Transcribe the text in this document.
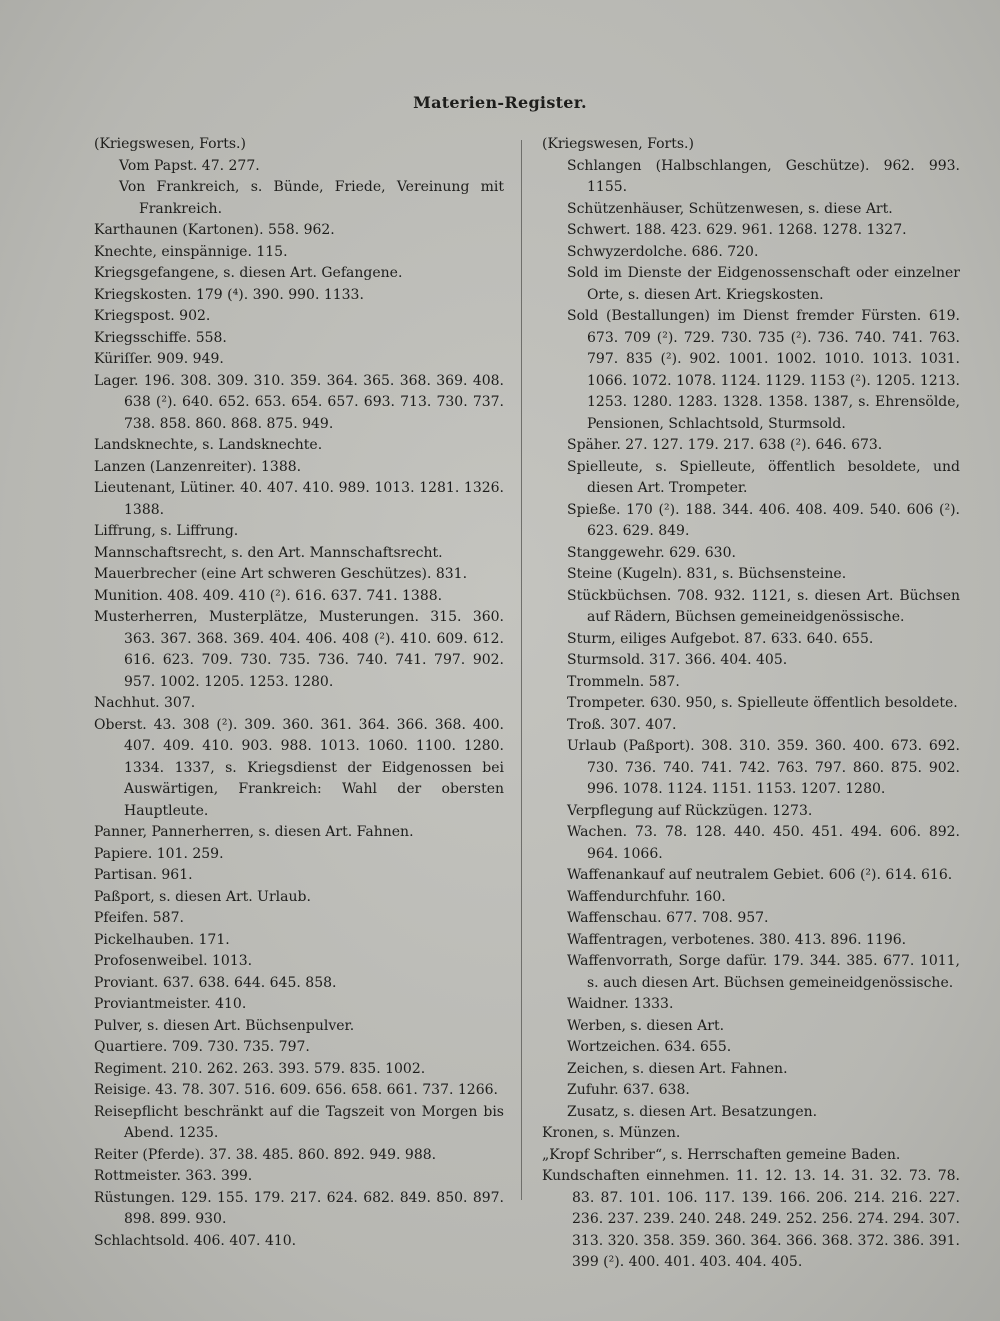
Materien-Register.
(Kriegswesen, Forts.)
Vom Papst. 47. 277.
Von Frankreich, s. Bünde, Friede, Vereinung mit Frankreich.
Karthaunen (Kartonen). 558. 962.
Knechte, einspännige. 115.
Kriegsgefangene, s. diesen Art. Gefangene.
Kriegskosten. 179 (⁴). 390. 990. 1133.
Kriegspost. 902.
Kriegsschiffe. 558.
Küriſſer. 909. 949.
Lager. 196. 308. 309. 310. 359. 364. 365. 368. 369. 408. 638 (²). 640. 652. 653. 654. 657. 693. 713. 730. 737. 738. 858. 860. 868. 875. 949.
Landsknechte, s. Landsknechte.
Lanzen (Lanzenreiter). 1388.
Lieutenant, Lütiner. 40. 407. 410. 989. 1013. 1281. 1326. 1388.
Liffrung, s. Liffrung.
Mannschaftsrecht, s. den Art. Mannschaftsrecht.
Mauerbrecher (eine Art schweren Geschützes). 831.
Munition. 408. 409. 410 (²). 616. 637. 741. 1388.
Musterherren, Musterplätze, Musterungen. 315. 360. 363. 367. 368. 369. 404. 406. 408 (²). 410. 609. 612. 616. 623. 709. 730. 735. 736. 740. 741. 797. 902. 957. 1002. 1205. 1253. 1280.
Nachhut. 307.
Oberst. 43. 308 (²). 309. 360. 361. 364. 366. 368. 400. 407. 409. 410. 903. 988. 1013. 1060. 1100. 1280. 1334. 1337, s. Kriegsdienst der Eidgenossen bei Auswärtigen, Frankreich: Wahl der obersten Hauptleute.
Panner, Pannerherren, s. diesen Art. Fahnen.
Papiere. 101. 259.
Partisan. 961.
Paßport, s. diesen Art. Urlaub.
Pfeifen. 587.
Pickelhauben. 171.
Profosenweibel. 1013.
Proviant. 637. 638. 644. 645. 858.
Proviantmeister. 410.
Pulver, s. diesen Art. Büchsenpulver.
Quartiere. 709. 730. 735. 797.
Regiment. 210. 262. 263. 393. 579. 835. 1002.
Reisige. 43. 78. 307. 516. 609. 656. 658. 661. 737. 1266.
Reisepflicht beschränkt auf die Tagszeit von Morgen bis Abend. 1235.
Reiter (Pferde). 37. 38. 485. 860. 892. 949. 988.
Rottmeister. 363. 399.
Rüstungen. 129. 155. 179. 217. 624. 682. 849. 850. 897. 898. 899. 930.
Schlachtsold. 406. 407. 410.
(Kriegswesen, Forts.)
Schlangen (Halbschlangen, Geschütze). 962. 993. 1155.
Schützenhäuser, Schützenwesen, s. diese Art.
Schwert. 188. 423. 629. 961. 1268. 1278. 1327.
Schwyzerdolche. 686. 720.
Sold im Dienste der Eidgenossenschaft oder einzelner Orte, s. diesen Art. Kriegskosten.
Sold (Bestallungen) im Dienst fremder Fürsten. 619. 673. 709 (²). 729. 730. 735 (²). 736. 740. 741. 763. 797. 835 (²). 902. 1001. 1002. 1010. 1013. 1031. 1066. 1072. 1078. 1124. 1129. 1153 (²). 1205. 1213. 1253. 1280. 1283. 1328. 1358. 1387, s. Ehrensölde, Pensionen, Schlachtsold, Sturmsold.
Späher. 27. 127. 179. 217. 638 (²). 646. 673.
Spielleute, s. Spielleute, öffentlich besoldete, und diesen Art. Trompeter.
Spieße. 170 (²). 188. 344. 406. 408. 409. 540. 606 (²). 623. 629. 849.
Stanggewehr. 629. 630.
Steine (Kugeln). 831, s. Büchsensteine.
Stückbüchsen. 708. 932. 1121, s. diesen Art. Büchsen auf Rädern, Büchsen gemeineidgenössische.
Sturm, eiliges Aufgebot. 87. 633. 640. 655.
Sturmsold. 317. 366. 404. 405.
Trommeln. 587.
Trompeter. 630. 950, s. Spielleute öffentlich besoldete.
Troß. 307. 407.
Urlaub (Paßport). 308. 310. 359. 360. 400. 673. 692. 730. 736. 740. 741. 742. 763. 797. 860. 875. 902. 996. 1078. 1124. 1151. 1153. 1207. 1280.
Verpflegung auf Rückzügen. 1273.
Wachen. 73. 78. 128. 440. 450. 451. 494. 606. 892. 964. 1066.
Waffenankauf auf neutralem Gebiet. 606 (²). 614. 616.
Waffendurchfuhr. 160.
Waffenschau. 677. 708. 957.
Waffentragen, verbotenes. 380. 413. 896. 1196.
Waffenvorrath, Sorge dafür. 179. 344. 385. 677. 1011, s. auch diesen Art. Büchsen gemeineidgenössische.
Waidner. 1333.
Werben, s. diesen Art.
Wortzeichen. 634. 655.
Zeichen, s. diesen Art. Fahnen.
Zufuhr. 637. 638.
Zusatz, s. diesen Art. Besatzungen.
Kronen, s. Münzen.
„Kropf Schriber“, s. Herrschaften gemeine Baden.
Kundschaften einnehmen. 11. 12. 13. 14. 31. 32. 73. 78. 83. 87. 101. 106. 117. 139. 166. 206. 214. 216. 227. 236. 237. 239. 240. 248. 249. 252. 256. 274. 294. 307. 313. 320. 358. 359. 360. 364. 366. 368. 372. 386. 391. 399 (²). 400. 401. 403. 404. 405.
